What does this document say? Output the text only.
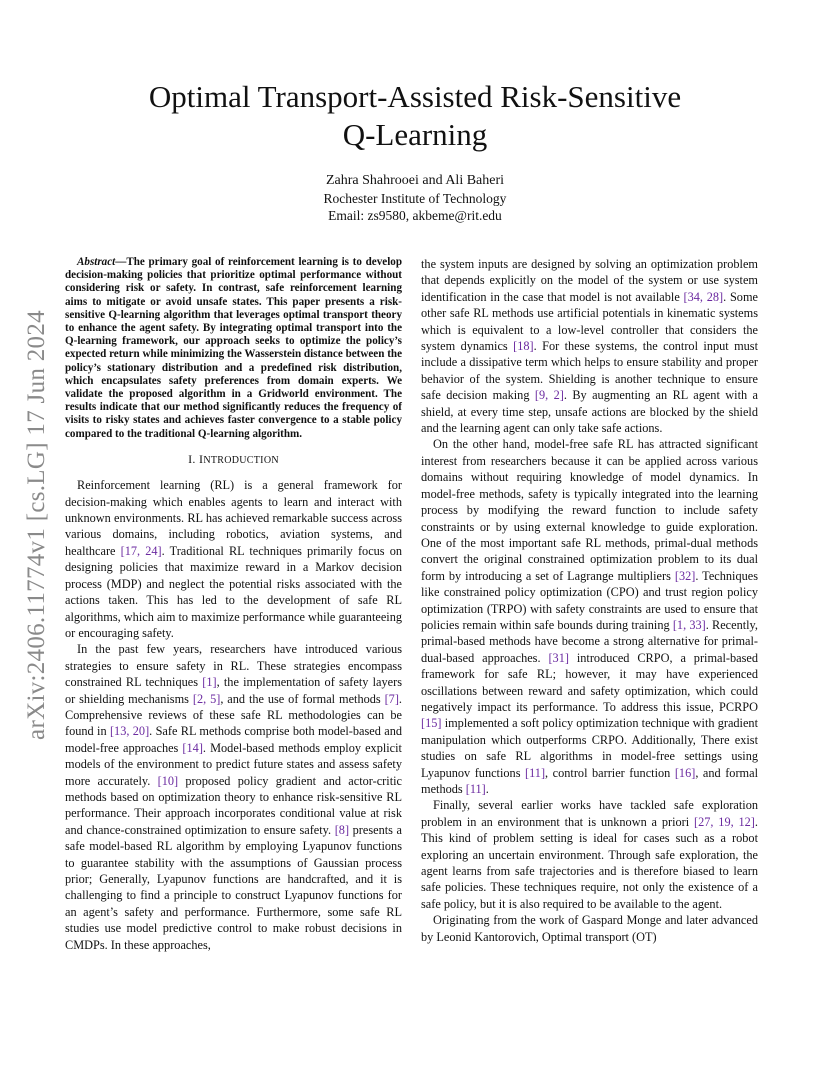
arXiv:2406.11774v1 [cs.LG] 17 Jun 2024
Optimal Transport-Assisted Risk-Sensitive
Q-Learning
Zahra Shahrooei and Ali Baheri
Rochester Institute of Technology
Email: zs9580, akbeme@rit.edu

Abstract—The primary goal of reinforcement learning is to develop decision-making policies that prioritize optimal performance without considering risk or safety. In contrast, safe reinforcement learning aims to mitigate or avoid unsafe states. This paper presents a risk-sensitive Q-learning algorithm that leverages optimal transport theory to enhance the agent safety. By integrating optimal transport into the Q-learning framework, our approach seeks to optimize the policy’s expected return while minimizing the Wasserstein distance between the policy’s stationary distribution and a predefined risk distribution, which encapsulates safety preferences from domain experts. We validate the proposed algorithm in a Gridworld environment. The results indicate that our method significantly reduces the frequency of visits to risky states and achieves faster convergence to a stable policy compared to the traditional Q-learning algorithm.

I. INTRODUCTION

Reinforcement learning (RL) is a general framework for decision-making which enables agents to learn and interact with unknown environments. RL has achieved remarkable success across various domains, including robotics, aviation systems, and healthcare [17, 24]. Traditional RL techniques primarily focus on designing policies that maximize reward in a Markov decision process (MDP) and neglect the potential risks associated with the actions taken. This has led to the development of safe RL algorithms, which aim to maximize performance while guaranteeing or encouraging safety.

In the past few years, researchers have introduced various strategies to ensure safety in RL. These strategies encompass constrained RL techniques [1], the implementation of safety layers or shielding mechanisms [2, 5], and the use of formal methods [7]. Comprehensive reviews of these safe RL methodologies can be found in [13, 20]. Safe RL methods comprise both model-based and model-free approaches [14]. Model-based methods employ explicit models of the environment to predict future states and assess safety more accurately. [10] proposed policy gradient and actor-critic methods based on optimization theory to enhance risk-sensitive RL performance. Their approach incorporates conditional value at risk and chance-constrained optimization to ensure safety. [8] presents a safe model-based RL algorithm by employing Lyapunov functions to guarantee stability with the assumptions of Gaussian process prior; Generally, Lyapunov functions are handcrafted, and it is challenging to find a principle to construct Lyapunov functions for an agent’s safety and performance. Furthermore, some safe RL studies use model predictive control to make robust decisions in CMDPs. In these approaches,

the system inputs are designed by solving an optimization problem that depends explicitly on the model of the system or use system identification in the case that model is not available [34, 28]. Some other safe RL methods use artificial potentials in kinematic systems which is equivalent to a low-level controller that considers the system dynamics [18]. For these systems, the control input must include a dissipative term which helps to ensure stability and proper behavior of the system. Shielding is another technique to ensure safe decision making [9, 2]. By augmenting an RL agent with a shield, at every time step, unsafe actions are blocked by the shield and the learning agent can only take safe actions.

On the other hand, model-free safe RL has attracted significant interest from researchers because it can be applied across various domains without requiring knowledge of model dynamics. In model-free methods, safety is typically integrated into the learning process by modifying the reward function to include safety constraints or by using external knowledge to guide exploration. One of the most important safe RL methods, primal-dual methods convert the original constrained optimization problem to its dual form by introducing a set of Lagrange multipliers [32]. Techniques like constrained policy optimization (CPO) and trust region policy optimization (TRPO) with safety constraints are used to ensure that policies remain within safe bounds during training [1, 33]. Recently, primal-based methods have become a strong alternative for primal-dual-based approaches. [31] introduced CRPO, a primal-based framework for safe RL; however, it may have experienced oscillations between reward and safety optimization, which could negatively impact its performance. To address this issue, PCRPO [15] implemented a soft policy optimization technique with gradient manipulation which outperforms CRPO. Additionally, There exist studies on safe RL algorithms in model-free settings using Lyapunov functions [11], control barrier function [16], and formal methods [11].

Finally, several earlier works have tackled safe exploration problem in an environment that is unknown a priori [27, 19, 12]. This kind of problem setting is ideal for cases such as a robot exploring an uncertain environment. Through safe exploration, the agent learns from safe trajectories and is therefore biased to learn safe policies. These techniques require, not only the existence of a safe policy, but it is also required to be available to the agent.

Originating from the work of Gaspard Monge and later advanced by Leonid Kantorovich, Optimal transport (OT)
